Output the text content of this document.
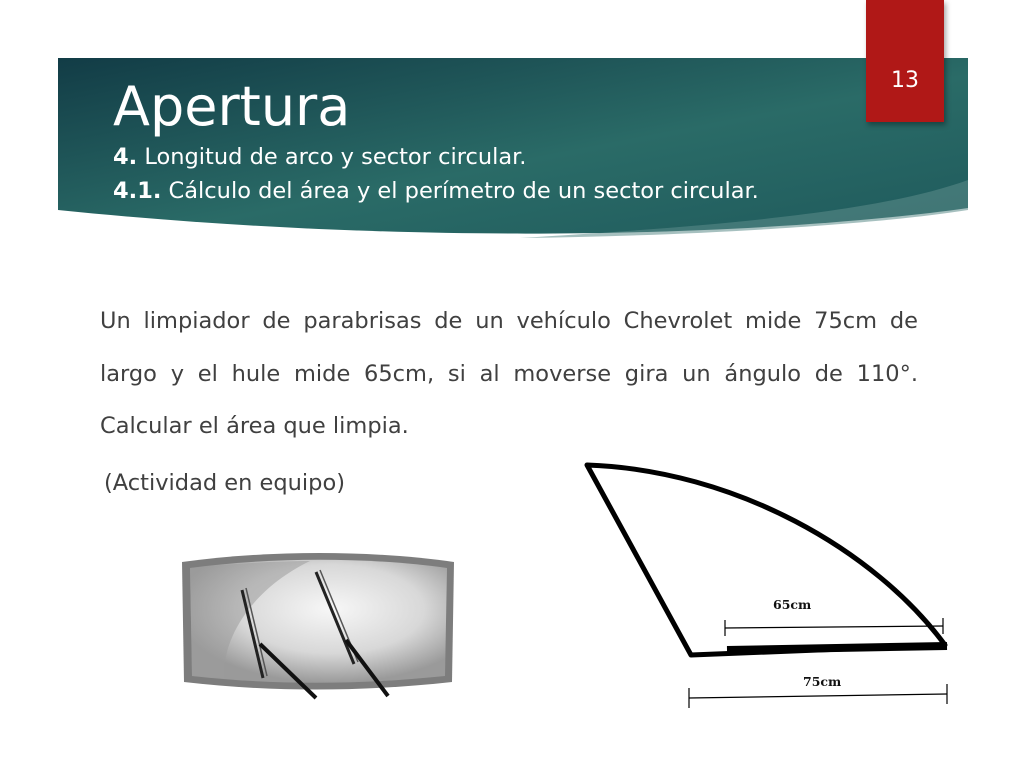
13
Apertura
4. Longitud de arco y sector circular.
4.1. Cálculo del área y el perímetro de un sector circular.

Un limpiador de parabrisas de un vehículo Chevrolet mide 75cm de largo y el hule mide 65cm, si al moverse gira un ángulo de 110°. Calcular el área que limpia.

(Actividad en equipo)
65cm
75cm
